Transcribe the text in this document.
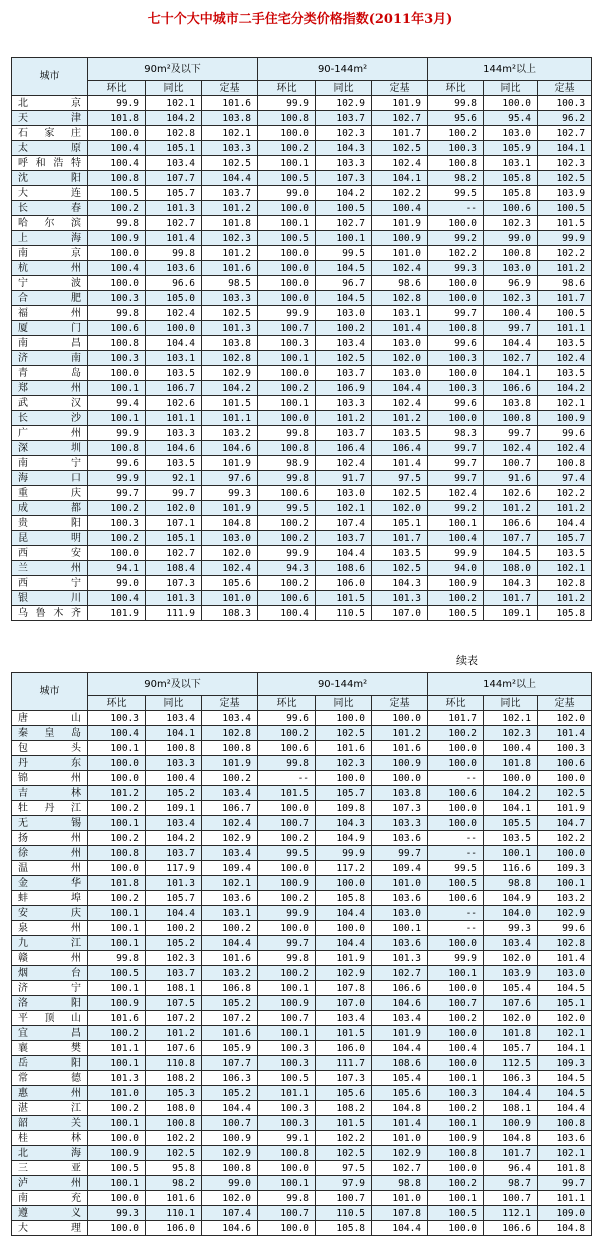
七十个大中城市二手住宅分类价格指数(2011年3月)
城市	90m²及以下			90-144m²			144m²以上		
	环比	同比	定基	环比	同比	定基	环比	同比	定基
北　　京	99.9	102.1	101.6	99.9	102.9	101.9	99.8	100.0	100.3
天　　津	101.8	104.2	103.8	100.8	103.7	102.7	95.6	95.4	96.2
石 家 庄	100.0	102.8	102.1	100.0	102.3	101.7	100.2	103.0	102.7
太　　原	100.4	105.1	103.3	100.2	104.3	102.5	100.3	105.9	104.1
呼和浩特	100.4	103.4	102.5	100.1	103.3	102.4	100.8	103.1	102.3
沈　　阳	100.8	107.7	104.4	100.5	107.3	104.1	98.2	105.8	102.5
大　　连	100.5	105.7	103.7	99.0	104.2	102.2	99.5	105.8	103.9
长　　春	100.2	101.3	101.2	100.0	100.5	100.4	--	100.6	100.5
哈 尔 滨	99.8	102.7	101.8	100.1	102.7	101.9	100.0	102.3	101.5
上　　海	100.9	101.4	102.3	100.5	100.1	100.9	99.2	99.0	99.9
南　　京	100.0	99.8	101.2	100.0	99.5	101.0	102.2	100.8	102.2
杭　　州	100.4	103.6	101.6	100.0	104.5	102.4	99.3	103.0	101.2
宁　　波	100.0	96.6	98.5	100.0	96.7	98.6	100.0	96.9	98.6
合　　肥	100.3	105.0	103.3	100.0	104.5	102.8	100.0	102.3	101.7
福　　州	99.8	102.4	102.5	99.9	103.0	103.1	99.7	100.4	100.5
厦　　门	100.6	100.0	101.3	100.7	100.2	101.4	100.8	99.7	101.1
南　　昌	100.8	104.4	103.8	100.3	103.4	103.0	99.6	104.4	103.5
济　　南	100.3	103.1	102.8	100.1	102.5	102.0	100.3	102.7	102.4
青　　岛	100.0	103.5	102.9	100.0	103.7	103.0	100.0	104.1	103.5
郑　　州	100.1	106.7	104.2	100.2	106.9	104.4	100.3	106.6	104.2
武　　汉	99.4	102.6	101.5	100.1	103.3	102.4	99.6	103.8	102.1
长　　沙	100.1	101.1	101.1	100.0	101.2	101.2	100.0	100.8	100.9
广　　州	99.9	103.3	103.2	99.8	103.7	103.5	98.3	99.7	99.6
深　　圳	100.8	104.6	104.6	100.8	106.4	106.4	99.7	102.4	102.4
南　　宁	99.6	103.5	101.9	98.9	102.4	101.4	99.7	100.7	100.8
海　　口	99.9	92.1	97.6	99.8	91.7	97.5	99.7	91.6	97.4
重　　庆	99.7	99.7	99.3	100.6	103.0	102.5	102.4	102.6	102.2
成　　都	100.2	102.0	101.9	99.5	102.1	102.0	99.2	101.2	101.2
贵　　阳	100.3	107.1	104.8	100.2	107.4	105.1	100.1	106.6	104.4
昆　　明	100.2	105.1	103.0	100.2	103.7	101.7	100.4	107.7	105.7
西　　安	100.0	102.7	102.0	99.9	104.4	103.5	99.9	104.5	103.5
兰　　州	94.1	108.4	102.4	94.3	108.6	102.5	94.0	108.0	102.1
西　　宁	99.0	107.3	105.6	100.2	106.0	104.3	100.9	104.3	102.8
银　　川	100.4	101.3	101.0	100.6	101.5	101.3	100.2	101.7	101.2
乌鲁木齐	101.9	111.9	108.3	100.4	110.5	107.0	100.5	109.1	105.8
续表
城市	90m²及以下			90-144m²			144m²以上		
	环比	同比	定基	环比	同比	定基	环比	同比	定基
唐　　山	100.3	103.4	103.4	99.6	100.0	100.0	101.7	102.1	102.0
秦 皇 岛	100.4	104.1	102.8	100.2	102.5	101.2	100.2	102.3	101.4
包　　头	100.1	100.8	100.8	100.6	101.6	101.6	100.0	100.4	100.3
丹　　东	100.0	103.3	101.9	99.8	102.3	100.9	100.0	101.8	100.6
锦　　州	100.0	100.4	100.2	--	100.0	100.0	--	100.0	100.0
吉　　林	101.2	105.2	103.4	101.5	105.7	103.8	100.6	104.2	102.5
牡 丹 江	100.2	109.1	106.7	100.0	109.8	107.3	100.0	104.1	101.9
无　　锡	100.1	103.4	102.4	100.7	104.3	103.3	100.0	105.5	104.7
扬　　州	100.2	104.2	102.9	100.2	104.9	103.6	--	103.5	102.2
徐　　州	100.8	103.7	103.4	99.5	99.9	99.7	--	100.1	100.0
温　　州	100.0	117.9	109.4	100.0	117.2	109.4	99.5	116.6	109.3
金　　华	101.8	101.3	102.1	100.9	100.0	101.0	100.5	98.8	100.1
蚌　　埠	100.2	105.7	103.6	100.2	105.8	103.6	100.6	104.9	103.2
安　　庆	100.1	104.4	103.1	99.9	104.4	103.0	--	104.0	102.9
泉　　州	100.1	100.2	100.2	100.0	100.0	100.1	--	99.3	99.6
九　　江	100.1	105.2	104.4	99.7	104.4	103.6	100.0	103.4	102.8
赣　　州	99.8	102.3	101.6	99.8	101.9	101.3	99.9	102.0	101.4
烟　　台	100.5	103.7	103.2	100.2	102.9	102.7	100.1	103.9	103.0
济　　宁	100.1	108.1	106.8	100.1	107.8	106.6	100.0	105.4	104.5
洛　　阳	100.9	107.5	105.2	100.9	107.0	104.6	100.7	107.6	105.1
平 顶 山	101.6	107.2	107.2	100.7	103.4	103.4	100.2	102.0	102.0
宜　　昌	100.2	101.2	101.6	100.1	101.5	101.9	100.0	101.8	102.1
襄　　樊	101.1	107.6	105.9	100.3	106.0	104.4	100.4	105.7	104.1
岳　　阳	100.1	110.8	107.7	100.3	111.7	108.6	100.0	112.5	109.3
常　　德	101.3	108.2	106.3	100.5	107.3	105.4	100.1	106.3	104.5
惠　　州	101.0	105.3	105.2	101.1	105.6	105.6	100.3	104.4	104.5
湛　　江	100.2	108.0	104.4	100.3	108.2	104.8	100.2	108.1	104.4
韶　　关	100.1	100.8	100.7	100.3	101.5	101.4	100.1	100.9	100.8
桂　　林	100.0	102.2	100.9	99.1	102.2	101.0	100.9	104.8	103.6
北　　海	100.9	102.5	102.9	100.8	102.5	102.9	100.8	101.7	102.1
三　　亚	100.5	95.8	100.8	100.0	97.5	102.7	100.0	96.4	101.8
泸　　州	100.1	98.2	99.0	100.1	97.9	98.8	100.2	98.7	99.7
南　　充	100.0	101.6	102.0	99.8	100.7	101.0	100.1	100.7	101.1
遵　　义	99.3	110.1	107.4	100.7	110.5	107.8	100.5	112.1	109.0
大　　理	100.0	106.0	104.6	100.0	105.8	104.4	100.0	106.6	104.8
